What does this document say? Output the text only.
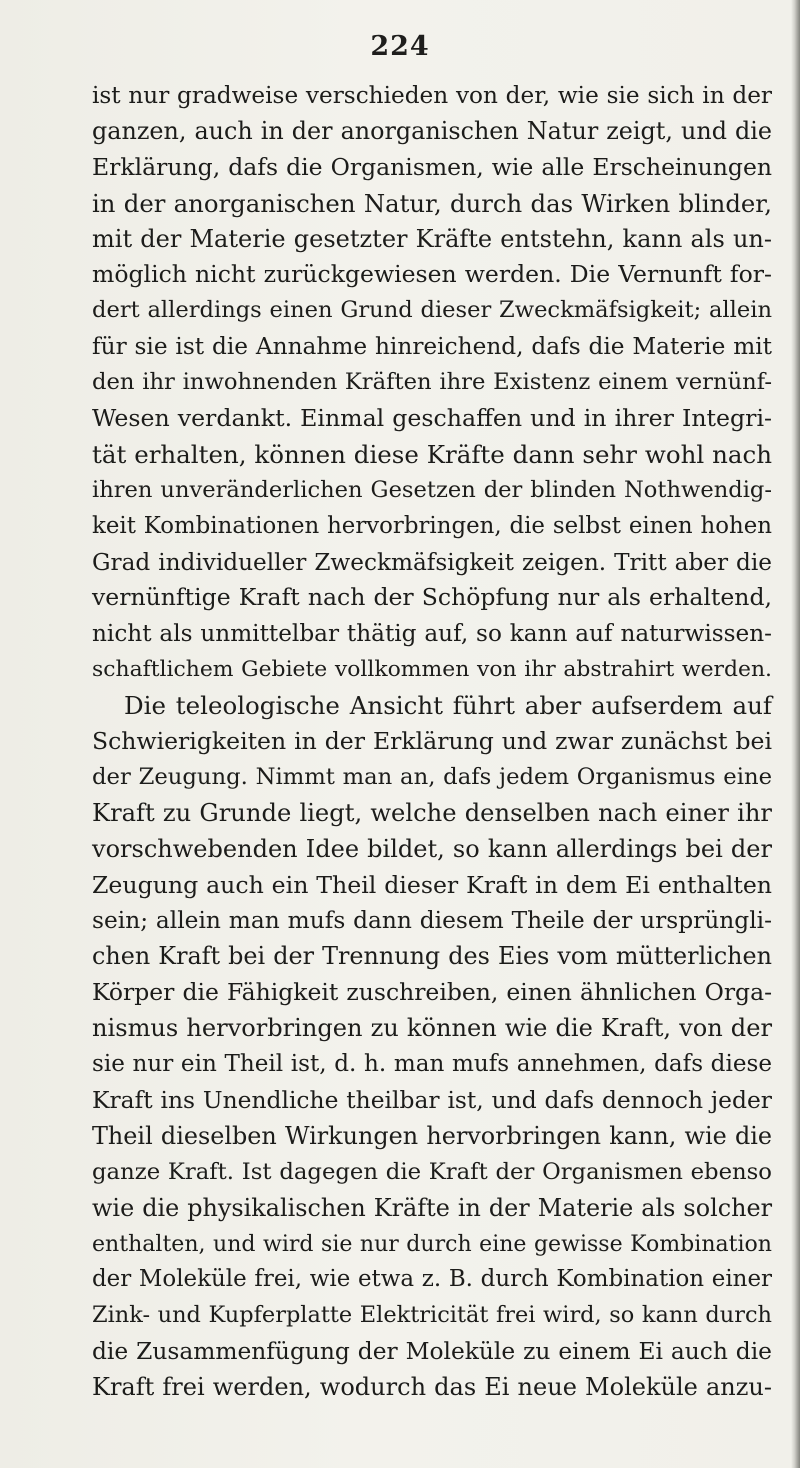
224
ist nur gradweise verschieden von der, wie sie sich in der
ganzen, auch in der anorganischen Natur zeigt, und die
Erklärung, dafs die Organismen, wie alle Erscheinungen
in der anorganischen Natur, durch das Wirken blinder,
mit der Materie gesetzter Kräfte entstehn, kann als un-
möglich nicht zurückgewiesen werden. Die Vernunft for-
dert allerdings einen Grund dieser Zweckmäfsigkeit; allein
für sie ist die Annahme hinreichend, dafs die Materie mit
den ihr inwohnenden Kräften ihre Existenz einem vernünf-
Wesen verdankt. Einmal geschaffen und in ihrer Integri-
tät erhalten, können diese Kräfte dann sehr wohl nach
ihren unveränderlichen Gesetzen der blinden Nothwendig-
keit Kombinationen hervorbringen, die selbst einen hohen
Grad individueller Zweckmäfsigkeit zeigen. Tritt aber die
vernünftige Kraft nach der Schöpfung nur als erhaltend,
nicht als unmittelbar thätig auf, so kann auf naturwissen-
schaftlichem Gebiete vollkommen von ihr abstrahirt werden.
Die teleologische Ansicht führt aber aufserdem auf
Schwierigkeiten in der Erklärung und zwar zunächst bei
der Zeugung. Nimmt man an, dafs jedem Organismus eine
Kraft zu Grunde liegt, welche denselben nach einer ihr
vorschwebenden Idee bildet, so kann allerdings bei der
Zeugung auch ein Theil dieser Kraft in dem Ei enthalten
sein; allein man mufs dann diesem Theile der ursprüngli-
chen Kraft bei der Trennung des Eies vom mütterlichen
Körper die Fähigkeit zuschreiben, einen ähnlichen Orga-
nismus hervorbringen zu können wie die Kraft, von der
sie nur ein Theil ist, d. h. man mufs annehmen, dafs diese
Kraft ins Unendliche theilbar ist, und dafs dennoch jeder
Theil dieselben Wirkungen hervorbringen kann, wie die
ganze Kraft. Ist dagegen die Kraft der Organismen ebenso
wie die physikalischen Kräfte in der Materie als solcher
enthalten, und wird sie nur durch eine gewisse Kombination
der Moleküle frei, wie etwa z. B. durch Kombination einer
Zink- und Kupferplatte Elektricität frei wird, so kann durch
die Zusammenfügung der Moleküle zu einem Ei auch die
Kraft frei werden, wodurch das Ei neue Moleküle anzu-
